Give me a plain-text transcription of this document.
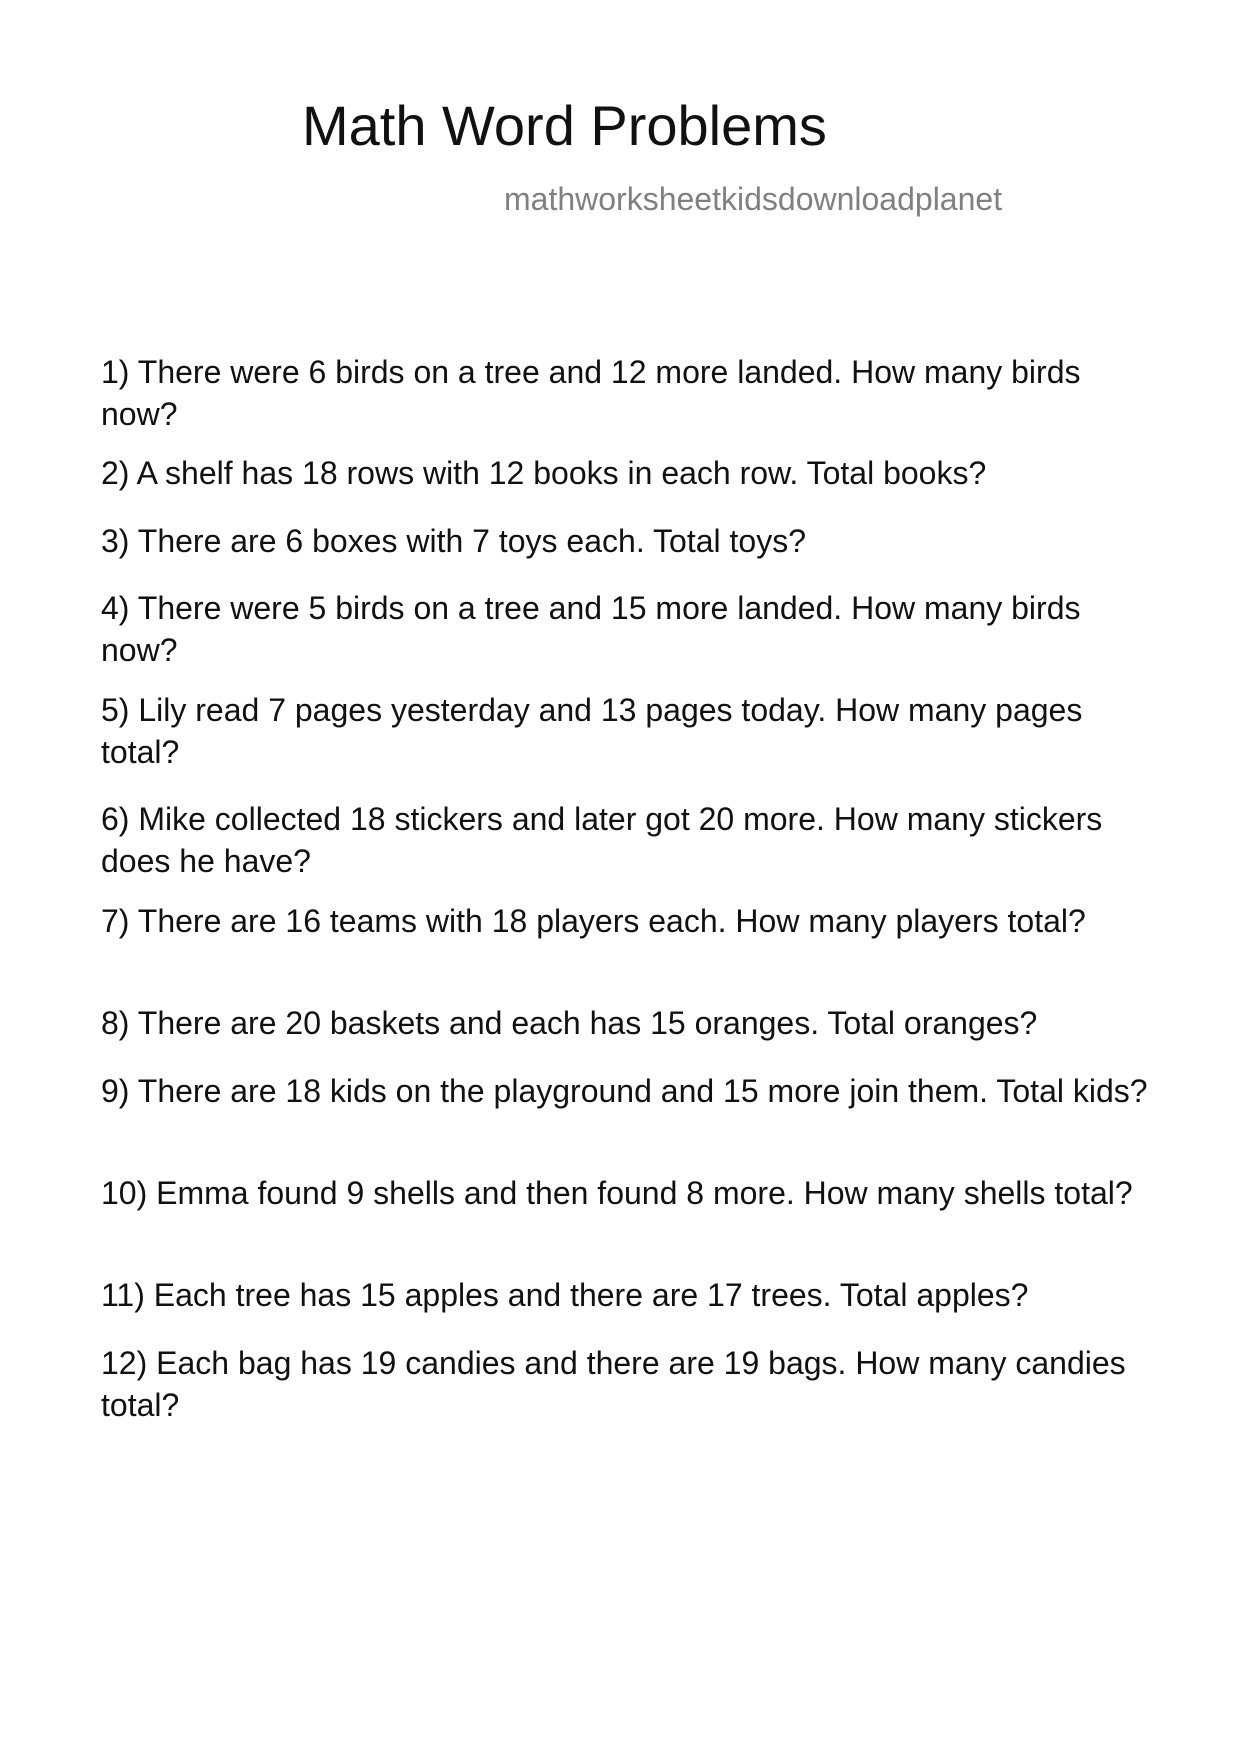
Math Word Problems
mathworksheetkidsdownloadplanet

1) There were 6 birds on a tree and 12 more landed. How many birds now?

2) A shelf has 18 rows with 12 books in each row. Total books?

3) There are 6 boxes with 7 toys each. Total toys?

4) There were 5 birds on a tree and 15 more landed. How many birds now?

5) Lily read 7 pages yesterday and 13 pages today. How many pages total?

6) Mike collected 18 stickers and later got 20 more. How many stickers does he have?

7) There are 16 teams with 18 players each. How many players total?

8) There are 20 baskets and each has 15 oranges. Total oranges?

9) There are 18 kids on the playground and 15 more join them. Total kids?

10) Emma found 9 shells and then found 8 more. How many shells total?

11) Each tree has 15 apples and there are 17 trees. Total apples?

12) Each bag has 19 candies and there are 19 bags. How many candies total?
